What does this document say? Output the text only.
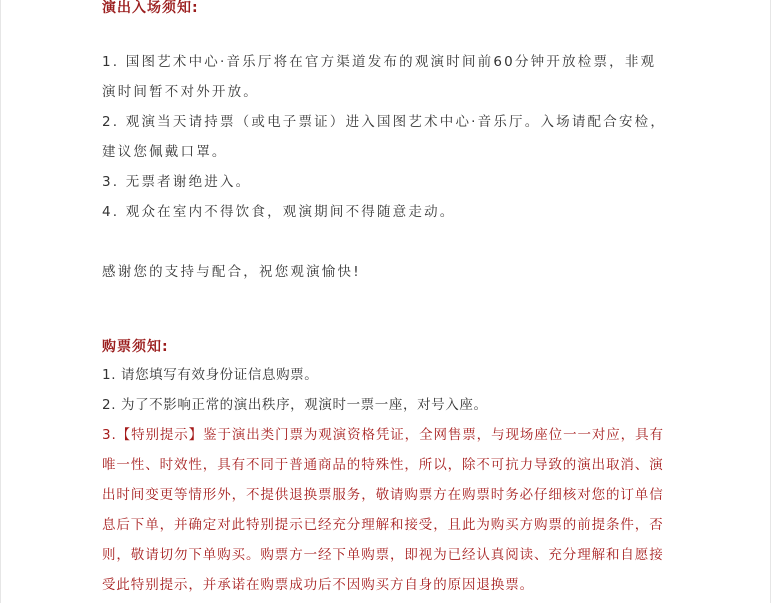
演出入场须知:
1. 国图艺术中心·音乐厅将在官方渠道发布的观演时间前60分钟开放检票，非观演时间暂不对外开放。
2. 观演当天请持票（或电子票证）进入国图艺术中心·音乐厅。入场请配合安检，建议您佩戴口罩。
3. 无票者谢绝进入。
4. 观众在室内不得饮食，观演期间不得随意走动。
感谢您的支持与配合，祝您观演愉快!
购票须知:
1. 请您填写有效身份证信息购票。
2. 为了不影响正常的演出秩序，观演时一票一座，对号入座。
3.【特别提示】鉴于演出类门票为观演资格凭证，全网售票，与现场座位一一对应，具有唯一性、时效性，具有不同于普通商品的特殊性，所以，除不可抗力导致的演出取消、演出时间变更等情形外，不提供退换票服务，敬请购票方在购票时务必仔细核对您的订单信息后下单，并确定对此特别提示已经充分理解和接受，且此为购买方购票的前提条件，否则，敬请切勿下单购买。购票方一经下单购票，即视为已经认真阅读、充分理解和自愿接受此特别提示，并承诺在购票成功后不因购买方自身的原因退换票。
